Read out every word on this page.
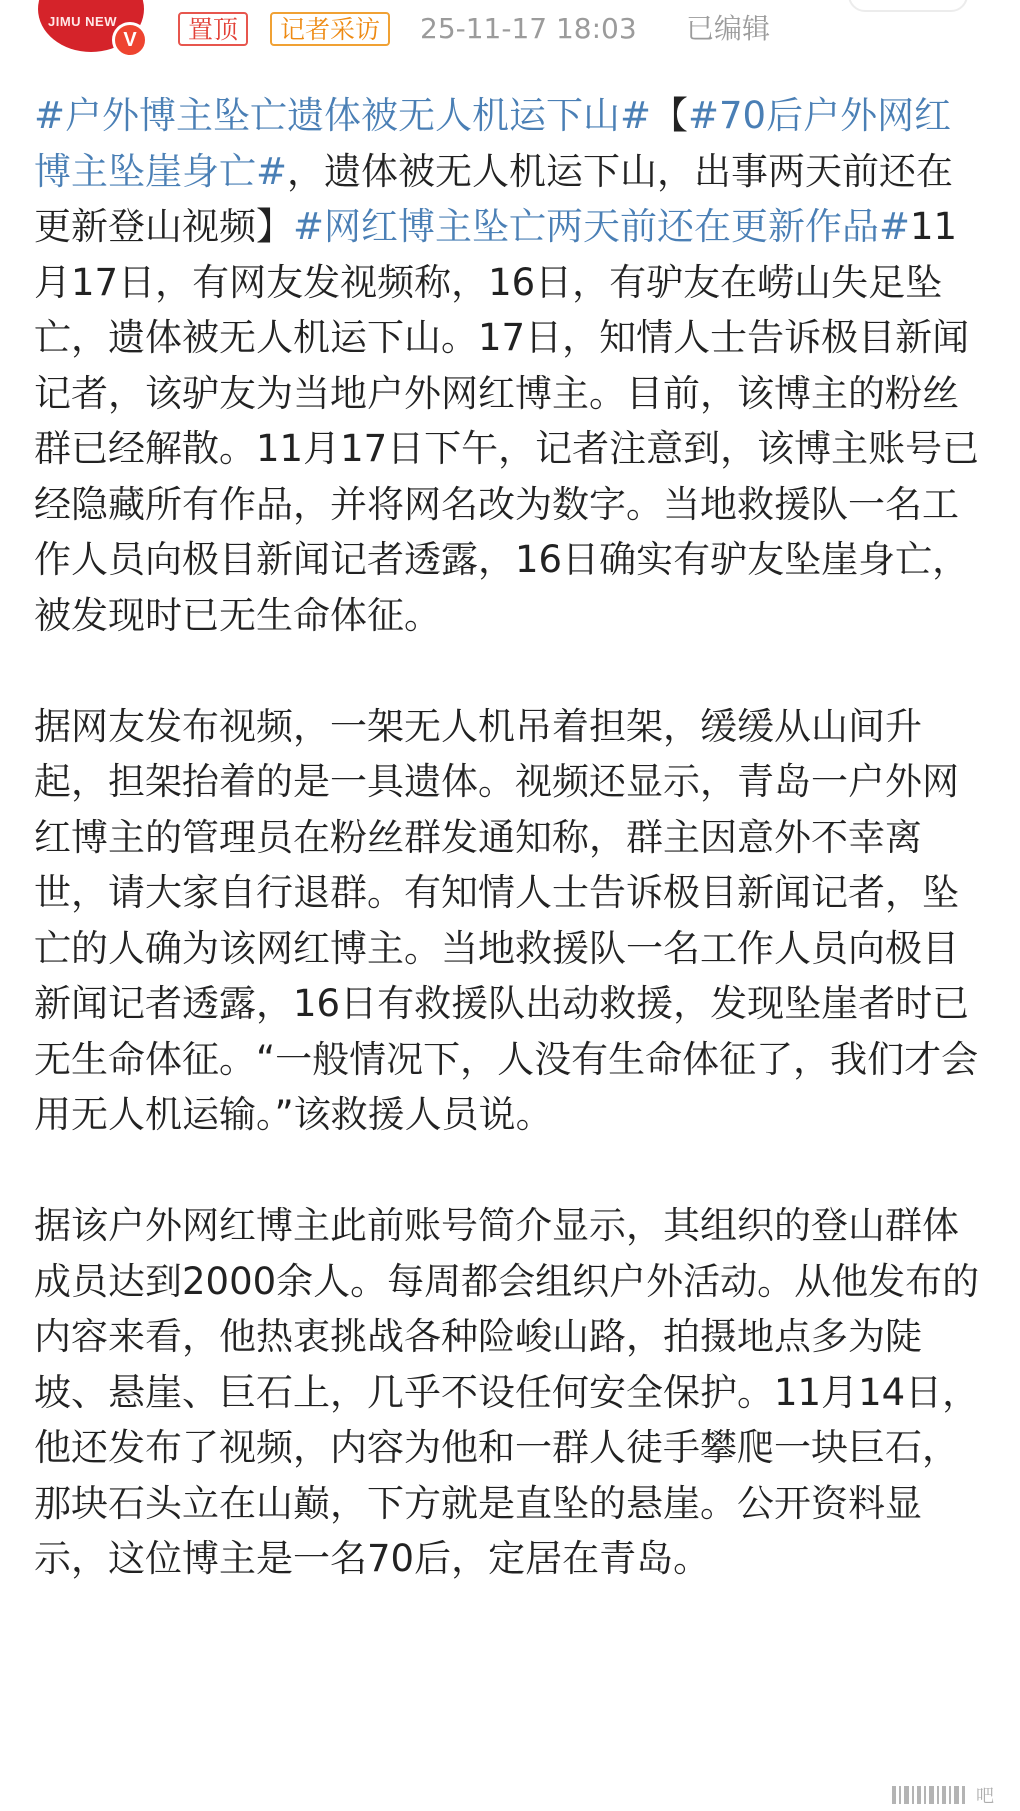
JIMU NEW
V	置顶	记者采访	25-11-17 18:03 已编辑

#户外博主坠亡遗体被无人机运下山#【#70后户外网红博主坠崖身亡#，遗体被无人机运下山，出事两天前还在更新登山视频】#网红博主坠亡两天前还在更新作品#11月17日，有网友发视频称，16日，有驴友在崂山失足坠亡，遗体被无人机运下山。17日，知情人士告诉极目新闻记者，该驴友为当地户外网红博主。目前，该博主的粉丝群已经解散。11月17日下午，记者注意到，该博主账号已经隐藏所有作品，并将网名改为数字。当地救援队一名工作人员向极目新闻记者透露，16日确实有驴友坠崖身亡，被发现时已无生命体征。

据网友发布视频，一架无人机吊着担架，缓缓从山间升起，担架抬着的是一具遗体。视频还显示，青岛一户外网红博主的管理员在粉丝群发通知称，群主因意外不幸离世，请大家自行退群。有知情人士告诉极目新闻记者，坠亡的人确为该网红博主。当地救援队一名工作人员向极目新闻记者透露，16日有救援队出动救援，发现坠崖者时已无生命体征。“一般情况下，人没有生命体征了，我们才会用无人机运输。”该救援人员说。

据该户外网红博主此前账号简介显示，其组织的登山群体成员达到2000余人。每周都会组织户外活动。从他发布的内容来看，他热衷挑战各种险峻山路，拍摄地点多为陡坡、悬崖、巨石上，几乎不设任何安全保护。11月14日，他还发布了视频，内容为他和一群人徒手攀爬一块巨石，那块石头立在山巅，下方就是直坠的悬崖。公开资料显示，这位博主是一名70后，定居在青岛。

吧
